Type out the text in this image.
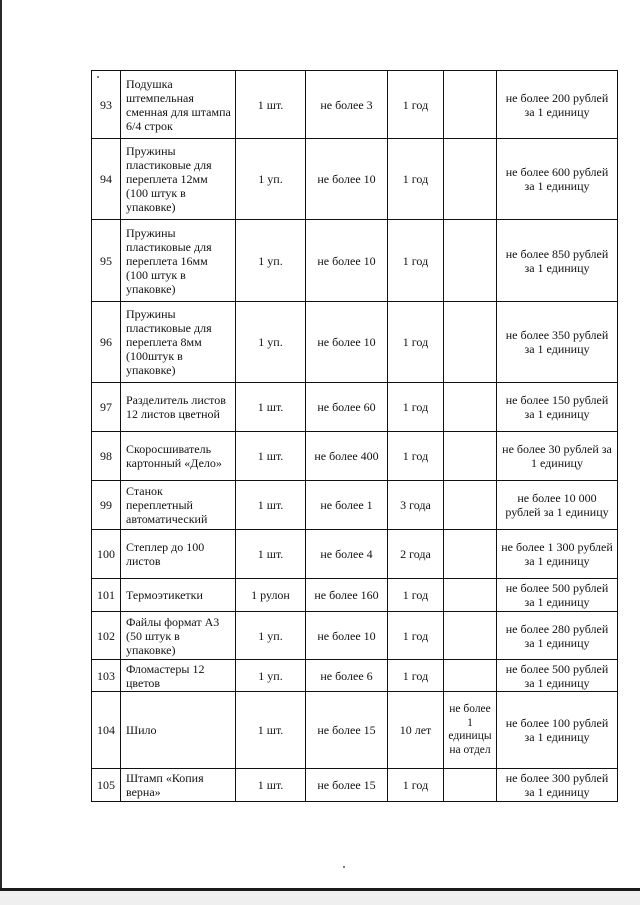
93	Подушка штемпельная сменная для штампа 6/4 строк	1 шт.	не более 3	1 год		не более 200 рублей за 1 единицу
94	Пружины пластиковые для переплета 12мм (100 штук в упаковке)	1 уп.	не более 10	1 год		не более 600 рублей за 1 единицу
95	Пружины пластиковые для переплета 16мм (100 штук в упаковке)	1 уп.	не более 10	1 год		не более 850 рублей за 1 единицу
96	Пружины пластиковые для переплета 8мм (100штук в упаковке)	1 уп.	не более 10	1 год		не более 350 рублей за 1 единицу
97	Разделитель листов 12 листов цветной	1 шт.	не более 60	1 год		не более 150 рублей за 1 единицу
98	Скоросшиватель картонный «Дело»	1 шт.	не более 400	1 год		не более 30 рублей за 1 единицу
99	Станок переплетный автоматический	1 шт.	не более 1	3 года		не более 10 000 рублей за 1 единицу
100	Степлер до 100 листов	1 шт.	не более 4	2 года		не более 1 300 рублей за 1 единицу
101	Термоэтикетки	1 рулон	не более 160	1 год		не более 500 рублей за 1 единицу
102	Файлы формат А3 (50 штук в упаковке)	1 уп.	не более 10	1 год		не более 280 рублей за 1 единицу
103	Фломастеры 12 цветов	1 уп.	не более 6	1 год		не более 500 рублей за 1 единицу
104	Шило	1 шт.	не более 15	10 лет	не более 1 единицы на отдел	не более 100 рублей за 1 единицу
105	Штамп «Копия верна»	1 шт.	не более 15	1 год		не более 300 рублей за 1 единицу
